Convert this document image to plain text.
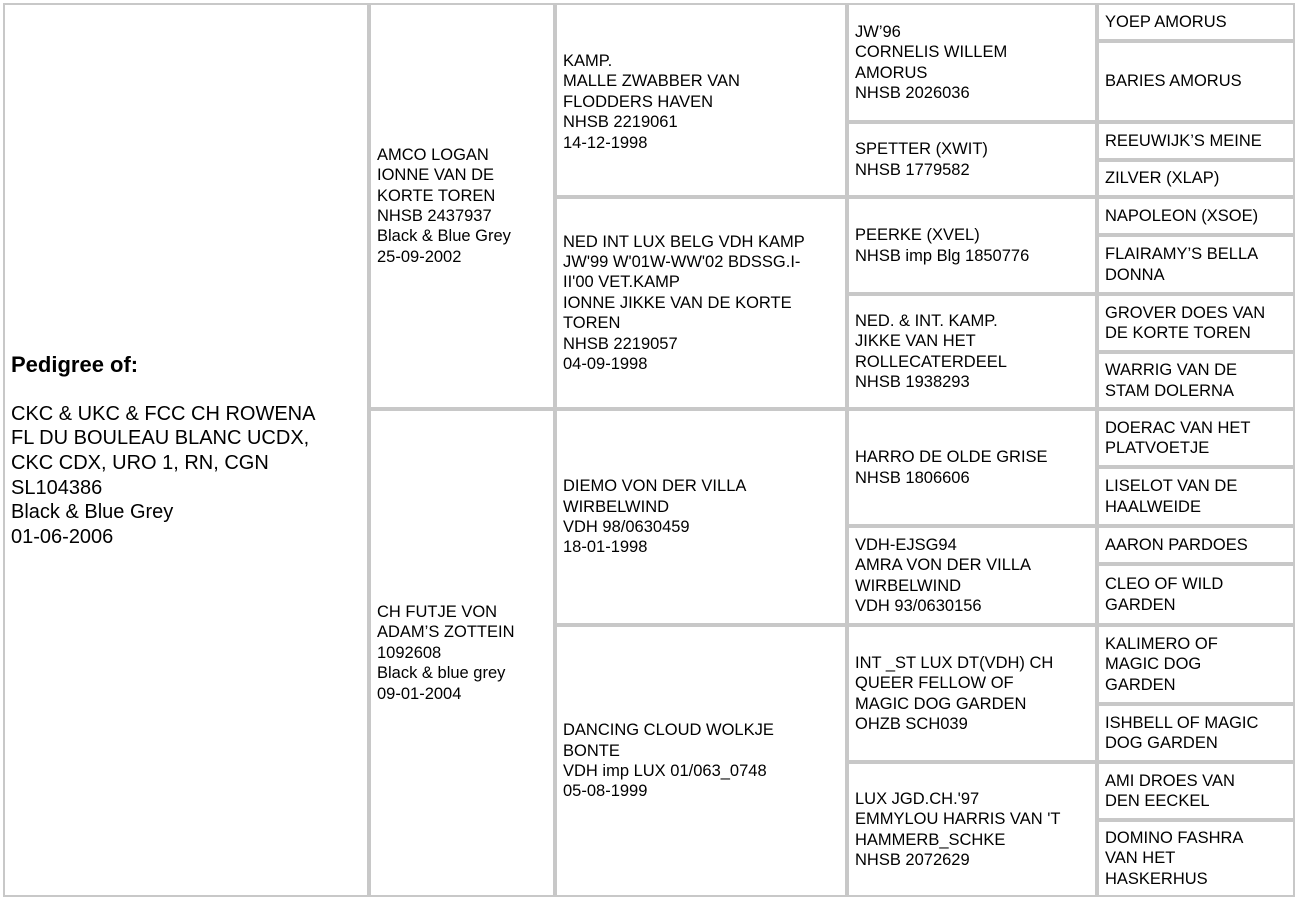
Pedigree of:
CKC & UKC & FCC CH ROWENA
FL DU BOULEAU BLANC UCDX,
CKC CDX, URO 1, RN, CGN
SL104386
Black & Blue Grey
01-06-2006
AMCO LOGAN
IONNE VAN DE
KORTE TOREN
NHSB 2437937
Black & Blue Grey
25-09-2002
CH FUTJE VON
ADAM’S ZOTTEIN
1092608
Black & blue grey
09-01-2004
KAMP.
MALLE ZWABBER VAN
FLODDERS HAVEN
NHSB 2219061
14-12-1998
NED INT LUX BELG VDH KAMP
JW'99 W'01W-WW'02 BDSSG.I-
II'00 VET.KAMP
IONNE JIKKE VAN DE KORTE
TOREN
NHSB 2219057
04-09-1998
DIEMO VON DER VILLA
WIRBELWIND
VDH 98/0630459
18-01-1998
DANCING CLOUD WOLKJE
BONTE
VDH imp LUX 01/063_0748
05-08-1999
JW’96
CORNELIS WILLEM
AMORUS
NHSB 2026036
SPETTER (XWIT)
NHSB 1779582
PEERKE (XVEL)
NHSB imp Blg 1850776
NED. & INT. KAMP.
JIKKE VAN HET
ROLLECATERDEEL
NHSB 1938293
HARRO DE OLDE GRISE
NHSB 1806606
VDH-EJSG94
AMRA VON DER VILLA
WIRBELWIND
VDH 93/0630156
INT _ST LUX DT(VDH) CH
QUEER FELLOW OF
MAGIC DOG GARDEN
OHZB SCH039
LUX JGD.CH.'97
EMMYLOU HARRIS VAN 'T
HAMMERB_SCHKE
NHSB 2072629
YOEP AMORUS
BARIES AMORUS
REEUWIJK’S MEINE
ZILVER (XLAP)
NAPOLEON (XSOE)
FLAIRAMY’S BELLA
DONNA
GROVER DOES VAN
DE KORTE TOREN
WARRIG VAN DE
STAM DOLERNA
DOERAC VAN HET
PLATVOETJE
LISELOT VAN DE
HAALWEIDE
AARON PARDOES
CLEO OF WILD
GARDEN
KALIMERO OF
MAGIC DOG
GARDEN
ISHBELL OF MAGIC
DOG GARDEN
AMI DROES VAN
DEN EECKEL
DOMINO FASHRA
VAN HET
HASKERHUS
